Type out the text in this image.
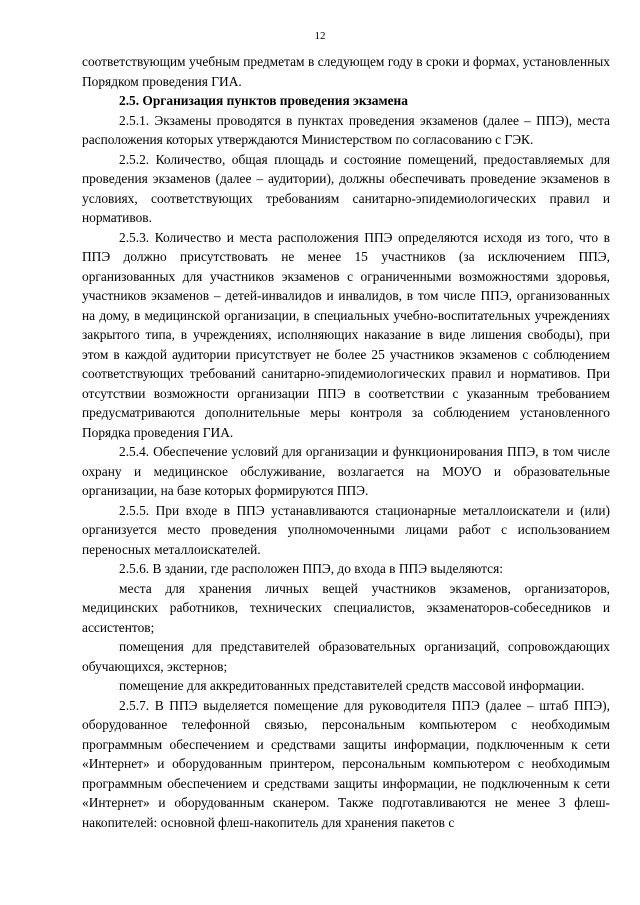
12

соответствующим учебным предметам в следующем году в сроки и формах, установленных Порядком проведения ГИА.

2.5. Организация пунктов проведения экзамена

2.5.1. Экзамены проводятся в пунктах проведения экзаменов (далее – ППЭ), места расположения которых утверждаются Министерством по согласованию с ГЭК.

2.5.2. Количество, общая площадь и состояние помещений, предоставляемых для проведения экзаменов (далее – аудитории), должны обеспечивать проведение экзаменов в условиях, соответствующих требованиям санитарно-эпидемиологических правил и нормативов.

2.5.3. Количество и места расположения ППЭ определяются исходя из того, что в ППЭ должно присутствовать не менее 15 участников (за исключением ППЭ, организованных для участников экзаменов с ограниченными возможностями здоровья, участников экзаменов – детей-инвалидов и инвалидов, в том числе ППЭ, организованных на дому, в медицинской организации, в специальных учебно-воспитательных учреждениях закрытого типа, в учреждениях, исполняющих наказание в виде лишения свободы), при этом в каждой аудитории присутствует не более 25 участников экзаменов с соблюдением соответствующих требований санитарно-эпидемиологических правил и нормативов. При отсутствии возможности организации ППЭ в соответствии с указанным требованием предусматриваются дополнительные меры контроля за соблюдением установленного Порядка проведения ГИА.

2.5.4. Обеспечение условий для организации и функционирования ППЭ, в том числе охрану и медицинское обслуживание, возлагается на МОУО и образовательные организации, на базе которых формируются ППЭ.

2.5.5. При входе в ППЭ устанавливаются стационарные металлоискатели и (или) организуется место проведения уполномоченными лицами работ с использованием переносных металлоискателей.

2.5.6. В здании, где расположен ППЭ, до входа в ППЭ выделяются:

места для хранения личных вещей участников экзаменов, организаторов, медицинских работников, технических специалистов, экзаменаторов-собеседников и ассистентов;

помещения для представителей образовательных организаций, сопровождающих обучающихся, экстернов;

помещение для аккредитованных представителей средств массовой информации.

2.5.7. В ППЭ выделяется помещение для руководителя ППЭ (далее – штаб ППЭ), оборудованное телефонной связью, персональным компьютером с необходимым программным обеспечением и средствами защиты информации, подключенным к сети «Интернет» и оборудованным принтером, персональным компьютером с необходимым программным обеспечением и средствами защиты информации, не подключенным к сети «Интернет» и оборудованным сканером. Также подготавливаются не менее 3 флеш-накопителей: основной флеш-накопитель для хранения пакетов с
